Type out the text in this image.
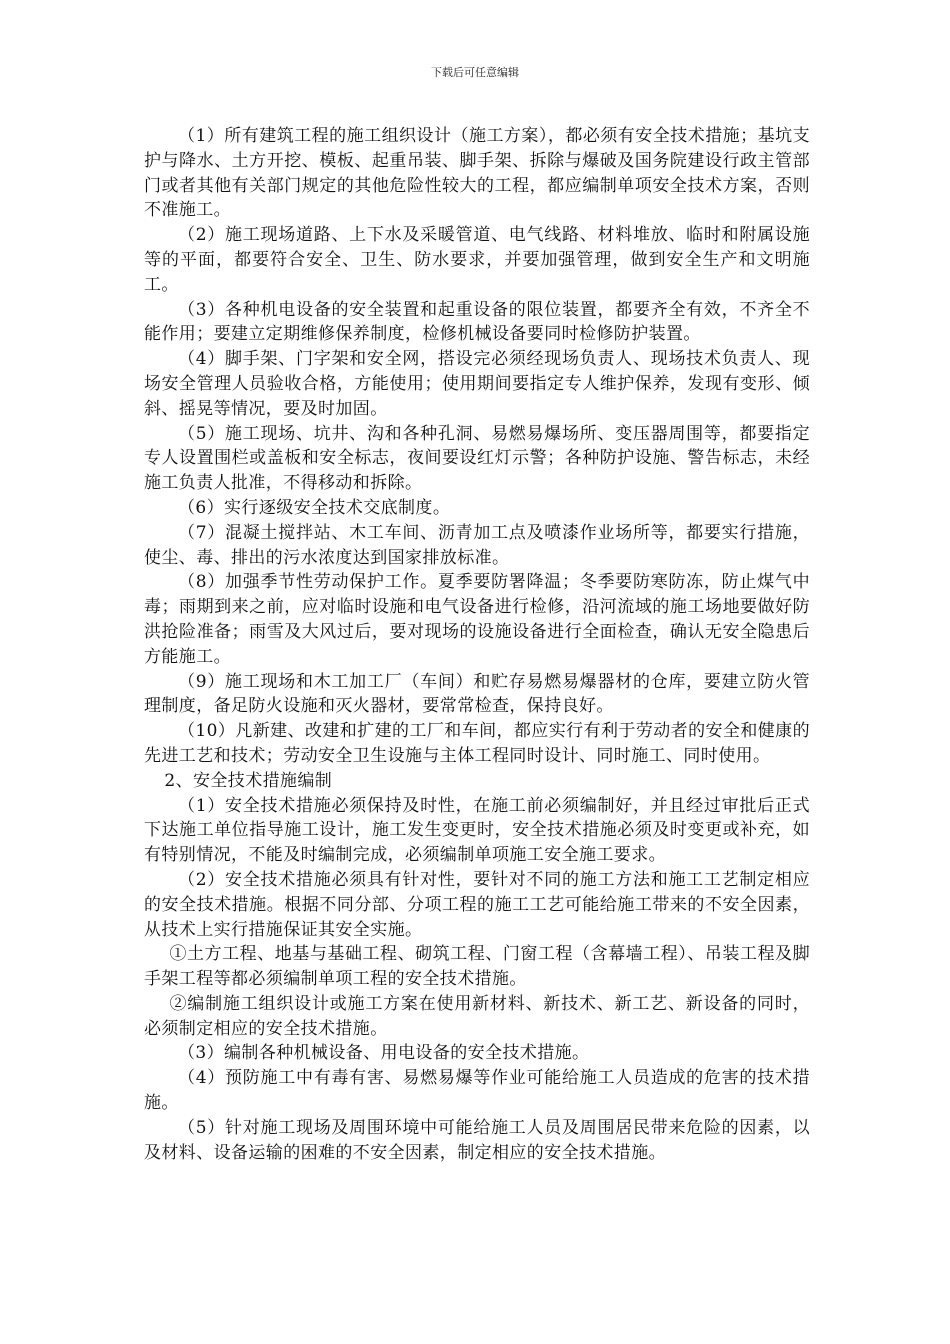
下载后可任意编辑

（1）所有建筑工程的施工组织设计（施工方案），都必须有安全技术措施；基坑支护与降水、土方开挖、模板、起重吊装、脚手架、拆除与爆破及国务院建设行政主管部门或者其他有关部门规定的其他危险性较大的工程，都应编制单项安全技术方案，否则不准施工。

（2）施工现场道路、上下水及采暖管道、电气线路、材料堆放、临时和附属设施等的平面，都要符合安全、卫生、防水要求，并要加强管理，做到安全生产和文明施工。

（3）各种机电设备的安全装置和起重设备的限位装置，都要齐全有效，不齐全不能作用；要建立定期维修保养制度，检修机械设备要同时检修防护装置。

（4）脚手架、门字架和安全网，搭设完必须经现场负责人、现场技术负责人、现场安全管理人员验收合格，方能使用；使用期间要指定专人维护保养，发现有变形、倾斜、摇晃等情况，要及时加固。

（5）施工现场、坑井、沟和各种孔洞、易燃易爆场所、变压器周围等，都要指定专人设置围栏或盖板和安全标志，夜间要设红灯示警；各种防护设施、警告标志，未经施工负责人批准，不得移动和拆除。

（6）实行逐级安全技术交底制度。

（7）混凝土搅拌站、木工车间、沥青加工点及喷漆作业场所等，都要实行措施，使尘、毒、排出的污水浓度达到国家排放标准。

（8）加强季节性劳动保护工作。夏季要防署降温；冬季要防寒防冻，防止煤气中毒；雨期到来之前，应对临时设施和电气设备进行检修，沿河流域的施工场地要做好防洪抢险准备；雨雪及大风过后，要对现场的设施设备进行全面检查，确认无安全隐患后方能施工。

（9）施工现场和木工加工厂（车间）和贮存易燃易爆器材的仓库，要建立防火管理制度，备足防火设施和灭火器材，要常常检查，保持良好。

（10）凡新建、改建和扩建的工厂和车间，都应实行有利于劳动者的安全和健康的先进工艺和技术；劳动安全卫生设施与主体工程同时设计、同时施工、同时使用。

2、安全技术措施编制

（1）安全技术措施必须保持及时性，在施工前必须编制好，并且经过审批后正式下达施工单位指导施工设计，施工发生变更时，安全技术措施必须及时变更或补充，如有特别情况，不能及时编制完成，必须编制单项施工安全施工要求。

（2）安全技术措施必须具有针对性，要针对不同的施工方法和施工工艺制定相应的安全技术措施。根据不同分部、分项工程的施工工艺可能给施工带来的不安全因素，从技术上实行措施保证其安全实施。

①土方工程、地基与基础工程、砌筑工程、门窗工程（含幕墙工程）、吊装工程及脚手架工程等都必须编制单项工程的安全技术措施。

②编制施工组织设计或施工方案在使用新材料、新技术、新工艺、新设备的同时，必须制定相应的安全技术措施。

（3）编制各种机械设备、用电设备的安全技术措施。

（4）预防施工中有毒有害、易燃易爆等作业可能给施工人员造成的危害的技术措施。

（5）针对施工现场及周围环境中可能给施工人员及周围居民带来危险的因素，以及材料、设备运输的困难的不安全因素，制定相应的安全技术措施。
